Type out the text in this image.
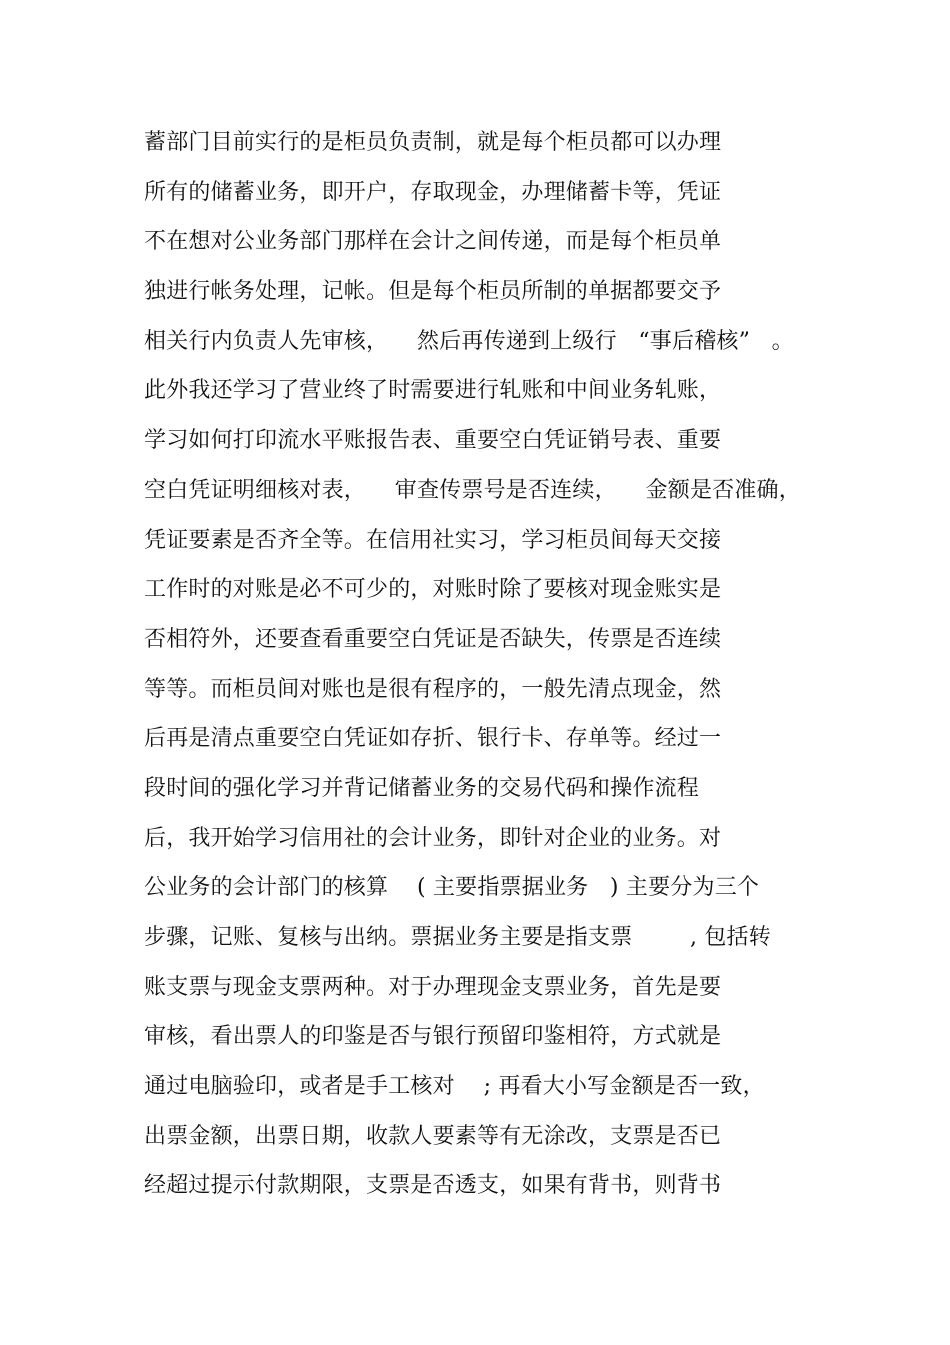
蓄部门目前实行的是柜员负责制，就是每个柜员都可以办理
所有的储蓄业务，即开户，存取现金，办理储蓄卡等，凭证
不在想对公业务部门那样在会计之间传递，而是每个柜员单
独进行帐务处理，记帐。但是每个柜员所制的单据都要交予
相关行内负责人先审核，    然后再传递到上级行   “事后稽核”   。
此外我还学习了营业终了时需要进行轧账和中间业务轧账，
学习如何打印流水平账报告表、重要空白凭证销号表、重要
空白凭证明细核对表，    审查传票号是否连续，    金额是否准确，
凭证要素是否齐全等。在信用社实习，学习柜员间每天交接
工作时的对账是必不可少的，对账时除了要核对现金账实是
否相符外，还要查看重要空白凭证是否缺失，传票是否连续
等等。而柜员间对账也是很有程序的，一般先清点现金，然
后再是清点重要空白凭证如存折、银行卡、存单等。经过一
段时间的强化学习并背记储蓄业务的交易代码和操作流程
后，我开始学习信用社的会计业务，即针对企业的业务。对
公业务的会计部门的核算    ( 主要指票据业务   ) 主要分为三个
步骤，记账、复核与出纳。票据业务主要是指支票        , 包括转
账支票与现金支票两种。对于办理现金支票业务，首先是要
审核，看出票人的印鉴是否与银行预留印鉴相符，方式就是
通过电脑验印，或者是手工核对    ; 再看大小写金额是否一致，
出票金额，出票日期，收款人要素等有无涂改，支票是否已
经超过提示付款期限，支票是否透支，如果有背书，则背书
